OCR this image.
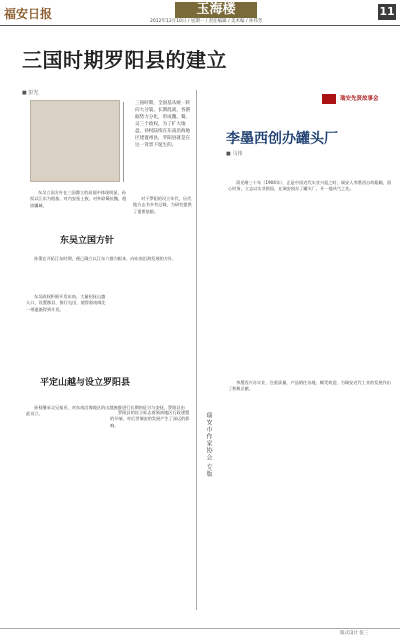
福安日报	玉海楼
2012年12月10日 / 星期一 / 责任编辑 / 美术编 / 孙伟芳
11
三国时期罗阳县的建立
■ 彭光
三国时期，全国基从统一转向大分裂。长期混战，各割据势力分化，形成魏、蜀、吴三个政权，为了扩大地盘，孙权陆续在东南沿海地区建置州县，罗阳县就是在这一背景下诞生的。
东吴立国方针在三国鼎立的局面中体现明显，孙权以江东为根基，对内安抚士族，对外联蜀抗魏，稳固疆域。
东吴立国方针
孙策在开拓江东时期，便已确立以江东六郡为根本、向东南沿海发展的方针。
东吴政权积极开发东南，大量招抚山越人口，设置郡县，推行屯田，使得浙南闽北一带逐渐得到开发。
对于罗阳的设立年代，历代地方志书多有记载，为研究提供了重要依据。
平定山越与设立罗阳县
孙权继承父兄基业，对东南沿海地区的山越族群进行长期的征讨与安抚，罗阳县由此设立。	罗阳县的设立标志着浙南地区行政建置的开端，对后世瑞安的发展产生了深远的影响。
瑞安先贤故事会
李墨西创办罐头厂
■ 马伟
清光绪三十年（1904年），正是中国近代实业兴起之时，瑞安人李墨西自幼聪颖，留心时务，立志以实业救国，在瑞安创办了罐头厂，开一地风气之先。
李墨西兴办实业，注重质量，产品销往各地，颇受欢迎，为瑞安近代工业的发展作出了积极贡献。
瑞安市作家协会 专版
版式设计 张三
